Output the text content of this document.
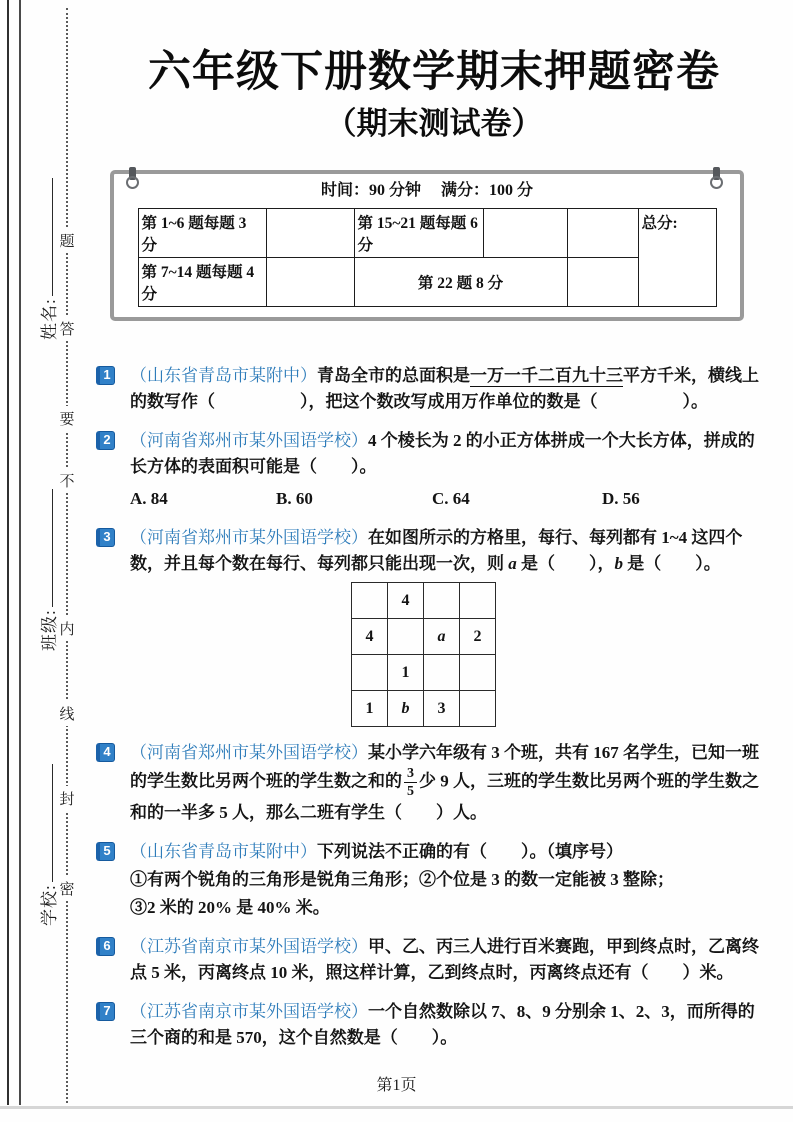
题
答
要
不
内
线
封
密
姓名:
班级:
学校:
六年级下册数学期末押题密卷
（期末测试卷）
时间：90 分钟　 满分：100 分
第 1~6 题每题 3 分		第 15~21 题每题 6 分			总分:
第 7~14 题每题 4 分		第 22 题 8 分			
1 （山东省青岛市某附中）青岛全市的总面积是一万一千二百九十三平方千米，横线上的数写作（　　　　　），把这个数改写成用万作单位的数是（　　　　　）。
2 （河南省郑州市某外国语学校）4 个棱长为 2 的小正方体拼成一个大长方体，拼成的长方体的表面积可能是（　　）。
A. 84	B. 60	C. 64	D. 56
3 （河南省郑州市某外国语学校）在如图所示的方格里，每行、每列都有 1~4 这四个数，并且每个数在每行、每列都只能出现一次，则 a 是（　　），b 是（　　）。
	4		
4		a	2
	1		
1	b	3	
4 （河南省郑州市某外国语学校）某小学六年级有 3 个班，共有 167 名学生，已知一班的学生数比另两个班的学生数之和的 $\frac{3}{5}$ 少 9 人，三班的学生数比另两个班的学生数之和的一半多 5 人，那么二班有学生（　　）人。
5 （山东省青岛市某附中）下列说法不正确的有（　　）。（填序号）
①有两个锐角的三角形是锐角三角形；②个位是 3 的数一定能被 3 整除；
③2 米的 20% 是 40% 米。
6 （江苏省南京市某外国语学校）甲、乙、丙三人进行百米赛跑，甲到终点时，乙离终点 5 米，丙离终点 10 米，照这样计算，乙到终点时，丙离终点还有（　　）米。
7 （江苏省南京市某外国语学校）一个自然数除以 7、8、9 分别余 1、2、3，而所得的三个商的和是 570，这个自然数是（　　）。
第1页
